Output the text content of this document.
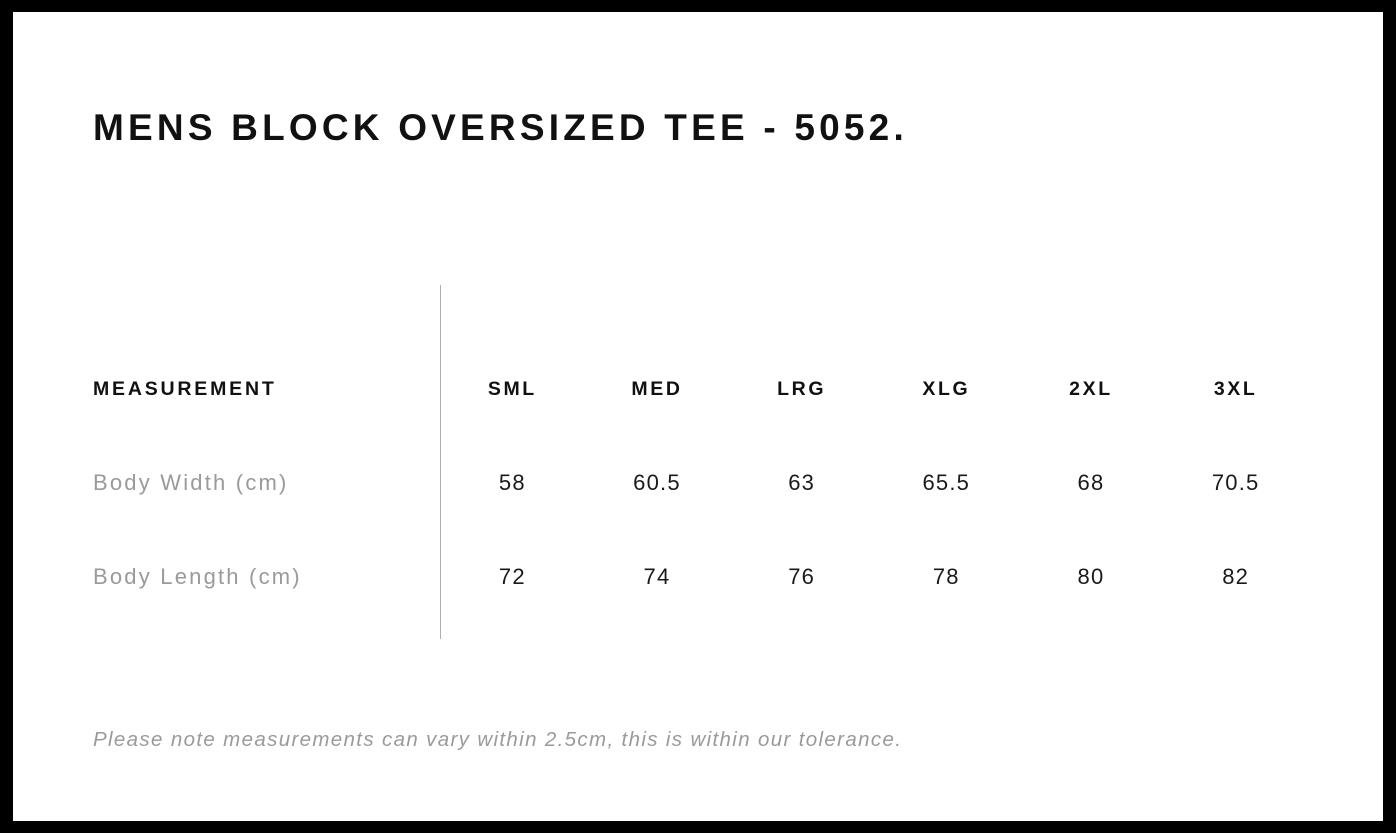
MENS BLOCK OVERSIZED TEE - 5052.
MEASUREMENT	SML	MED	LRG	XLG	2XL	3XL
Body Width (cm)	58	60.5	63	65.5	68	70.5
Body Length (cm)	72	74	76	78	80	82
Please note measurements can vary within 2.5cm, this is within our tolerance.
